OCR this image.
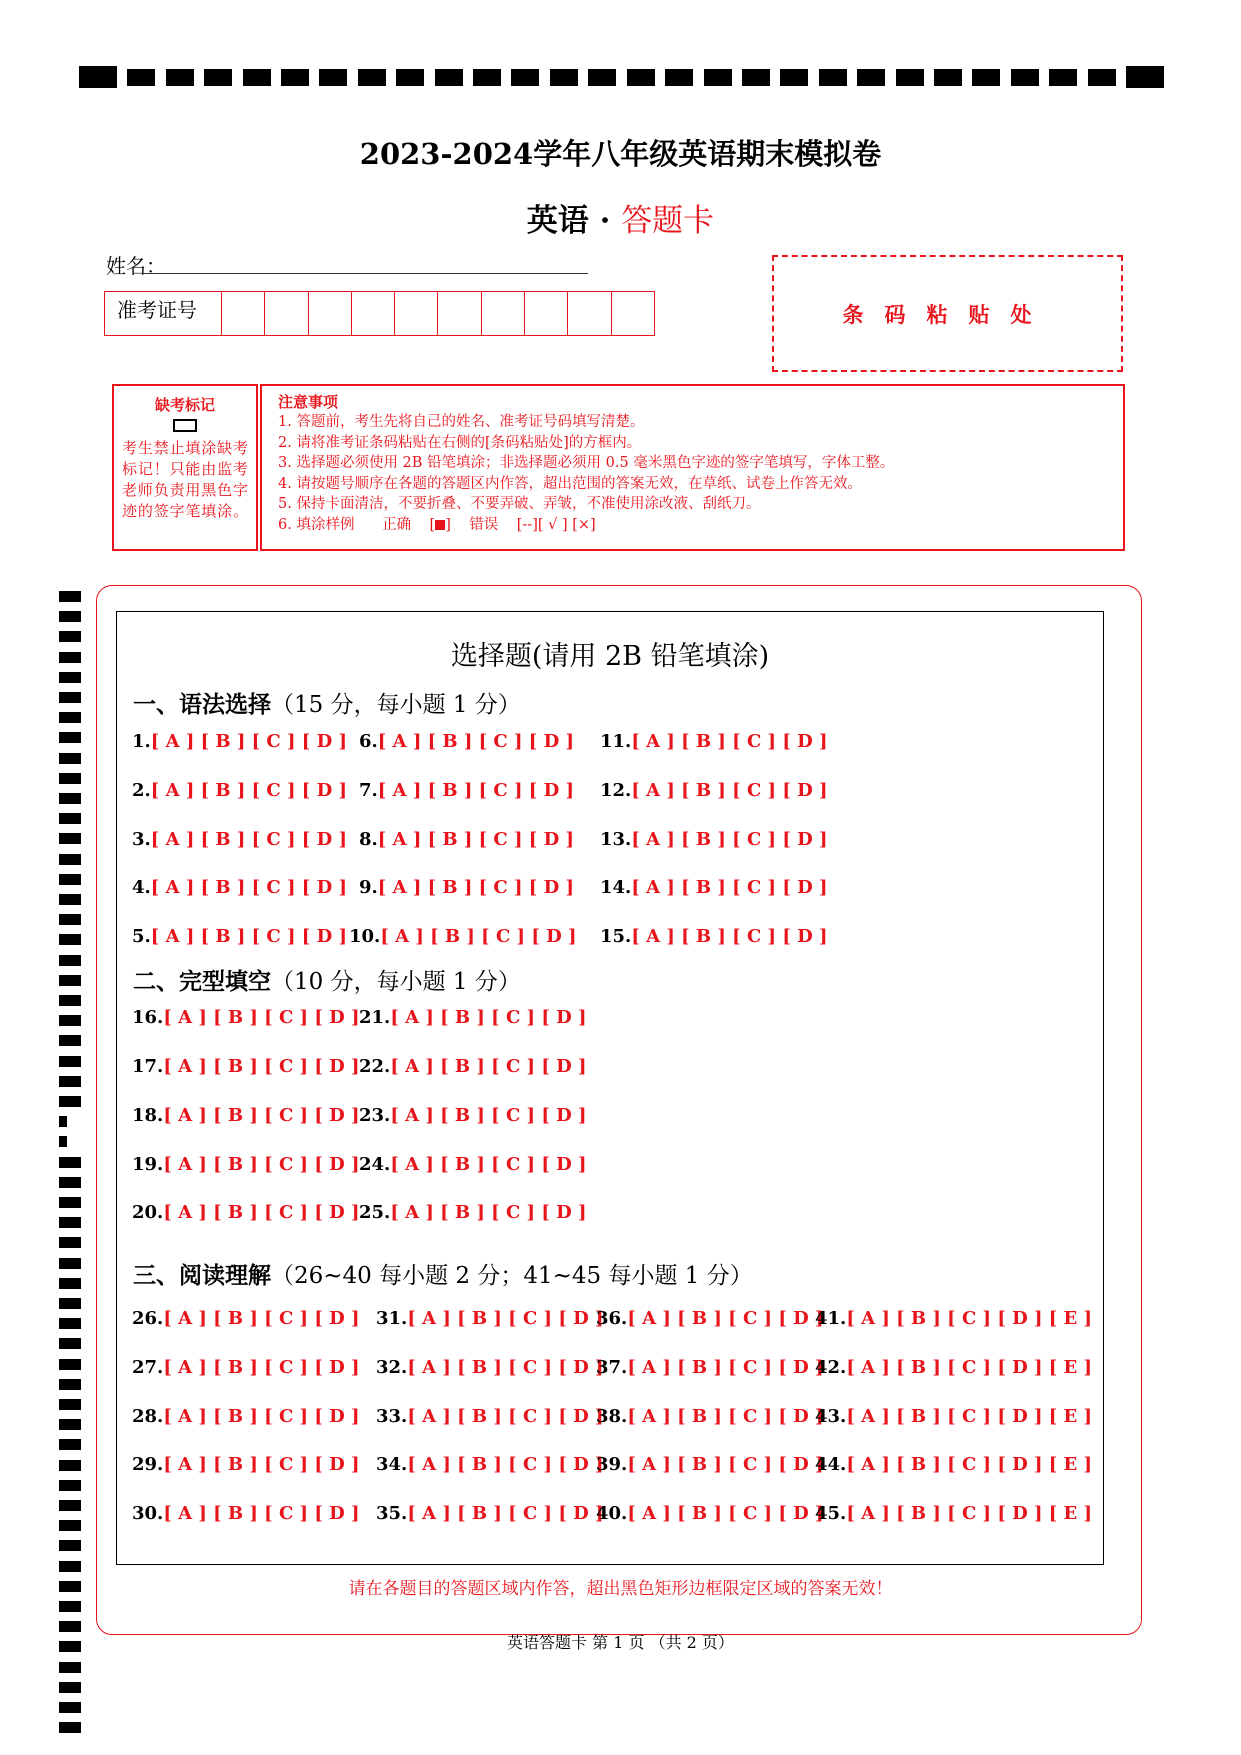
2023-2024学年八年级英语期末模拟卷
英语 · 答题卡
姓名：
准考证号	条码粘贴处
缺考标记
考生禁止填涂缺考标记！只能由监考老师负责用黑色字迹的签字笔填涂。
注意事项
1. 答题前，考生先将自己的姓名、准考证号码填写清楚。
2. 请将准考证条码粘贴在右侧的[条码粘贴处]的方框内。
3. 选择题必须使用 2B 铅笔填涂；非选择题必须用 0.5 毫米黑色字迹的签字笔填写，字体工整。
4. 请按题号顺序在各题的答题区内作答，超出范围的答案无效，在草纸、试卷上作答无效。
5. 保持卡面清洁，不要折叠、不要弄破、弄皱，不准使用涂改液、刮纸刀。
6. 填涂样例 正确    [ ]    错误 [--][ √ ] [×]
选择题(请用 2B 铅笔填涂)
一、语法选择（15 分，每小题 1 分）
二、完型填空（10 分，每小题 1 分）
三、阅读理解（26~40 每小题 2 分；41~45 每小题 1 分）
1.[ A ] [ B ] [ C ] [ D ]
2.[ A ] [ B ] [ C ] [ D ]
3.[ A ] [ B ] [ C ] [ D ]
4.[ A ] [ B ] [ C ] [ D ]
5.[ A ] [ B ] [ C ] [ D ]
6.[ A ] [ B ] [ C ] [ D ]
7.[ A ] [ B ] [ C ] [ D ]
8.[ A ] [ B ] [ C ] [ D ]
9.[ A ] [ B ] [ C ] [ D ]
10.[ A ] [ B ] [ C ] [ D ]
11.[ A ] [ B ] [ C ] [ D ]
12.[ A ] [ B ] [ C ] [ D ]
13.[ A ] [ B ] [ C ] [ D ]
14.[ A ] [ B ] [ C ] [ D ]
15.[ A ] [ B ] [ C ] [ D ]
16.[ A ] [ B ] [ C ] [ D ]
17.[ A ] [ B ] [ C ] [ D ]
18.[ A ] [ B ] [ C ] [ D ]
19.[ A ] [ B ] [ C ] [ D ]
20.[ A ] [ B ] [ C ] [ D ]
21.[ A ] [ B ] [ C ] [ D ]
22.[ A ] [ B ] [ C ] [ D ]
23.[ A ] [ B ] [ C ] [ D ]
24.[ A ] [ B ] [ C ] [ D ]
25.[ A ] [ B ] [ C ] [ D ]
26.[ A ] [ B ] [ C ] [ D ]
27.[ A ] [ B ] [ C ] [ D ]
28.[ A ] [ B ] [ C ] [ D ]
29.[ A ] [ B ] [ C ] [ D ]
30.[ A ] [ B ] [ C ] [ D ]
31.[ A ] [ B ] [ C ] [ D ]
32.[ A ] [ B ] [ C ] [ D ]
33.[ A ] [ B ] [ C ] [ D ]
34.[ A ] [ B ] [ C ] [ D ]
35.[ A ] [ B ] [ C ] [ D ]
36.[ A ] [ B ] [ C ] [ D ]
37.[ A ] [ B ] [ C ] [ D ]
38.[ A ] [ B ] [ C ] [ D ]
39.[ A ] [ B ] [ C ] [ D ]
40.[ A ] [ B ] [ C ] [ D ]
41.[ A ] [ B ] [ C ] [ D ] [ E ]
42.[ A ] [ B ] [ C ] [ D ] [ E ]
43.[ A ] [ B ] [ C ] [ D ] [ E ]
44.[ A ] [ B ] [ C ] [ D ] [ E ]
45.[ A ] [ B ] [ C ] [ D ] [ E ]
请在各题目的答题区域内作答，超出黑色矩形边框限定区域的答案无效！
英语答题卡 第 1 页 （共 2 页）
